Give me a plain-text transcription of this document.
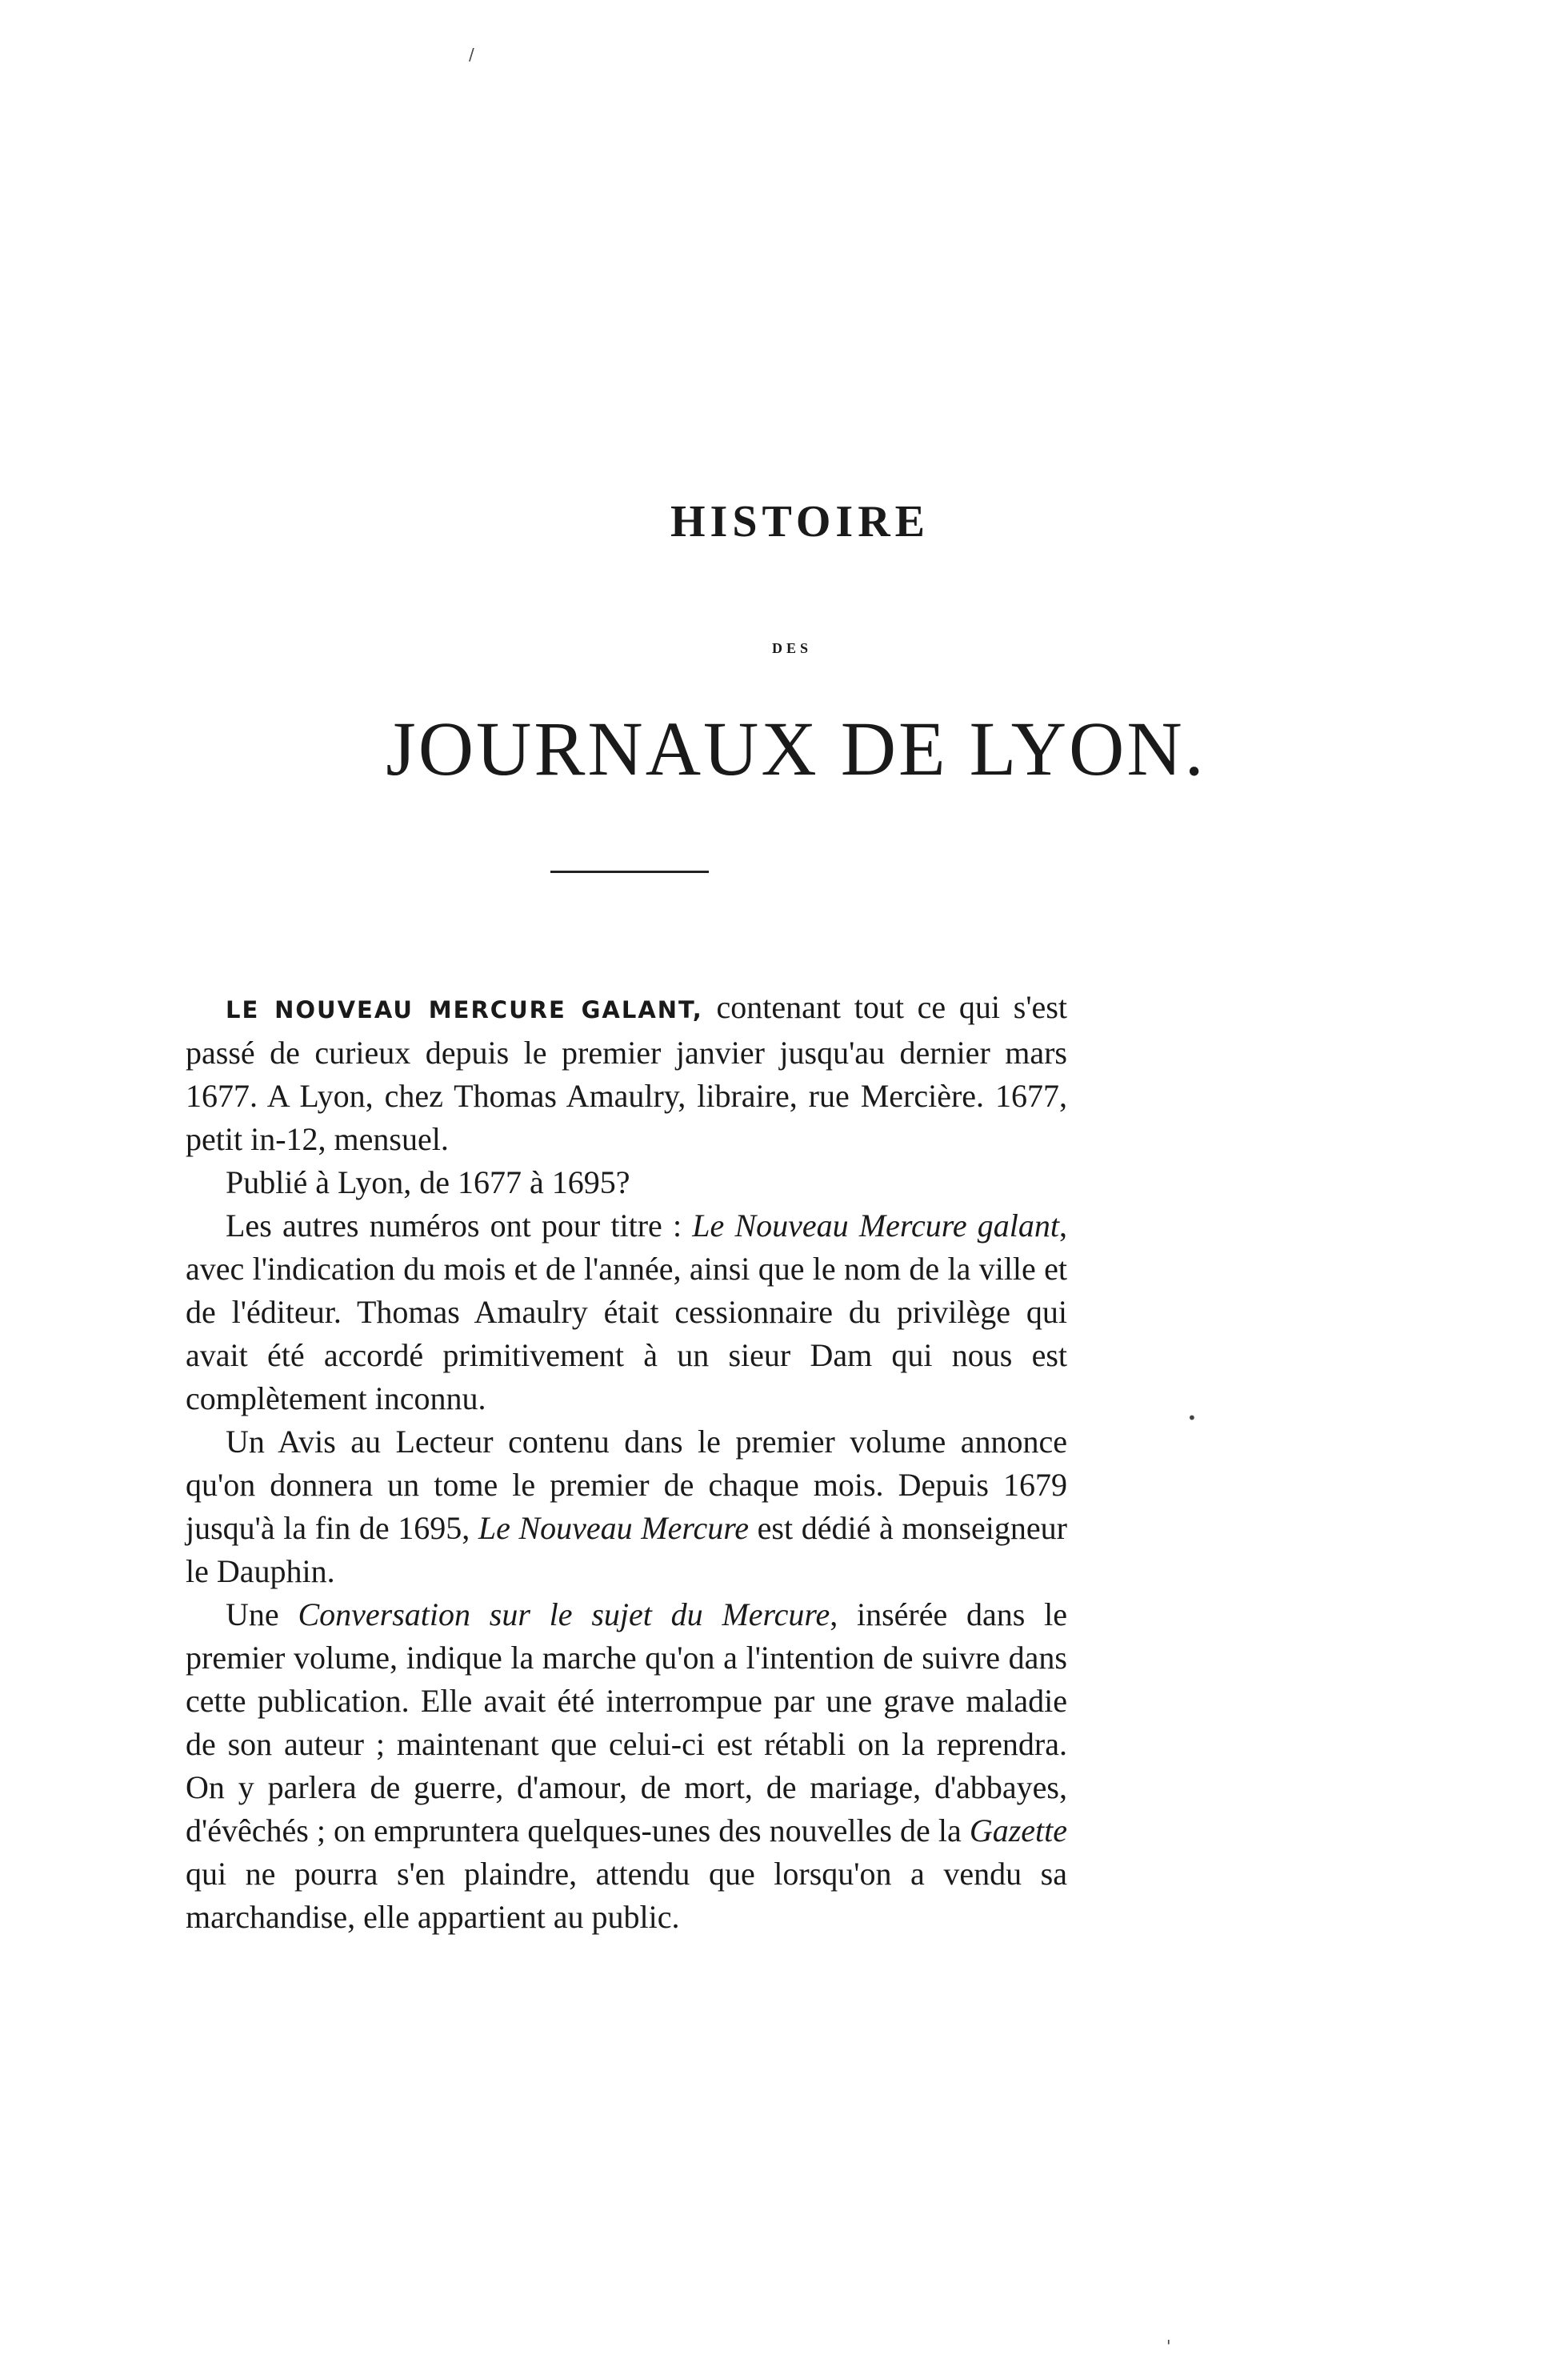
HISTOIRE
DES
JOURNAUX DE LYON.

LE NOUVEAU MERCURE GALANT, contenant tout ce qui s'est passé de curieux depuis le premier janvier jusqu'au dernier mars 1677. A Lyon, chez Thomas Amaulry, libraire, rue Mercière. 1677, petit in-12, mensuel.

Publié à Lyon, de 1677 à 1695?

Les autres numéros ont pour titre : Le Nouveau Mercure galant, avec l'indication du mois et de l'année, ainsi que le nom de la ville et de l'éditeur. Thomas Amaulry était cessionnaire du privilège qui avait été accordé primitivement à un sieur Dam qui nous est complètement inconnu.

Un Avis au Lecteur contenu dans le premier volume annonce qu'on donnera un tome le premier de chaque mois. Depuis 1679 jusqu'à la fin de 1695, Le Nouveau Mercure est dédié à monseigneur le Dauphin.

Une Conversation sur le sujet du Mercure, insérée dans le premier volume, indique la marche qu'on a l'intention de suivre dans cette publication. Elle avait été interrompue par une grave maladie de son auteur ; maintenant que celui-ci est rétabli on la reprendra. On y parlera de guerre, d'amour, de mort, de mariage, d'abbayes, d'évêchés ; on empruntera quelques-unes des nouvelles de la Gazette qui ne pourra s'en plaindre, attendu que lorsqu'on a vendu sa marchandise, elle appartient au public.

/
•
'
